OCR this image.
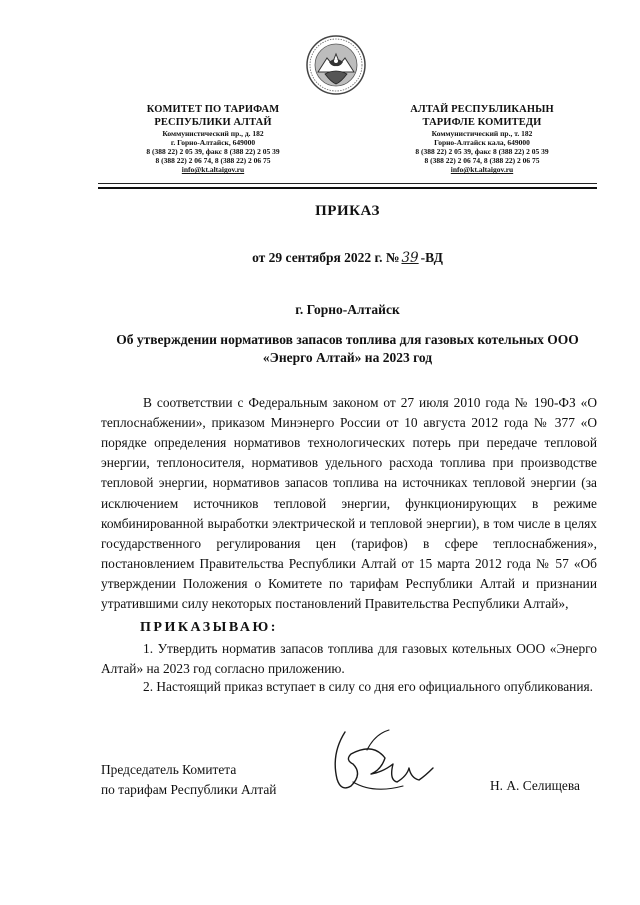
КОМИТЕТ ПО ТАРИФАМ
РЕСПУБЛИКИ АЛТАЙ
Коммунистический пр., д. 182
г. Горно-Алтайск, 649000
8 (388 22) 2 05 39, факс 8 (388 22) 2 05 39
8 (388 22) 2 06 74, 8 (388 22) 2 06 75
info@kt.altaigov.ru
АЛТАЙ РЕСПУБЛИКАНЫН
ТАРИФЛЕ КОМИТЕДИ
Коммунистический пр., т. 182
Горно-Алтайск кала, 649000
8 (388 22) 2 05 39, факс 8 (388 22) 2 05 39
8 (388 22) 2 06 74, 8 (388 22) 2 06 75
info@kt.altaigov.ru
ПРИКАЗ
от 29 сентября 2022 г. № 39 -ВД
г. Горно-Алтайск
Об утверждении нормативов запасов топлива для газовых котельных ООО «Энерго Алтай» на 2023 год
В соответствии с Федеральным законом от 27 июля 2010 года № 190-ФЗ «О теплоснабжении», приказом Минэнерго России от 10 августа 2012 года № 377 «О порядке определения нормативов технологических потерь при передаче тепловой энергии, теплоносителя, нормативов удельного расхода топлива при производстве тепловой энергии, нормативов запасов топлива на источниках тепловой энергии (за исключением источников тепловой энергии, функционирующих в режиме комбинированной выработки электрической и тепловой энергии), в том числе в целях государственного регулирования цен (тарифов) в сфере теплоснабжения», постановлением Правительства Республики Алтай от 15 марта 2012 года № 57 «Об утверждении Положения о Комитете по тарифам Республики Алтай и признании утратившими силу некоторых постановлений Правительства Республики Алтай»,
ПРИКАЗЫВАЮ:
1. Утвердить норматив запасов топлива для газовых котельных ООО «Энерго Алтай» на 2023 год согласно приложению.
2. Настоящий приказ вступает в силу со дня его официального опубликования.
Председатель Комитета
по тарифам Республики Алтай	Н. А. Селищева
